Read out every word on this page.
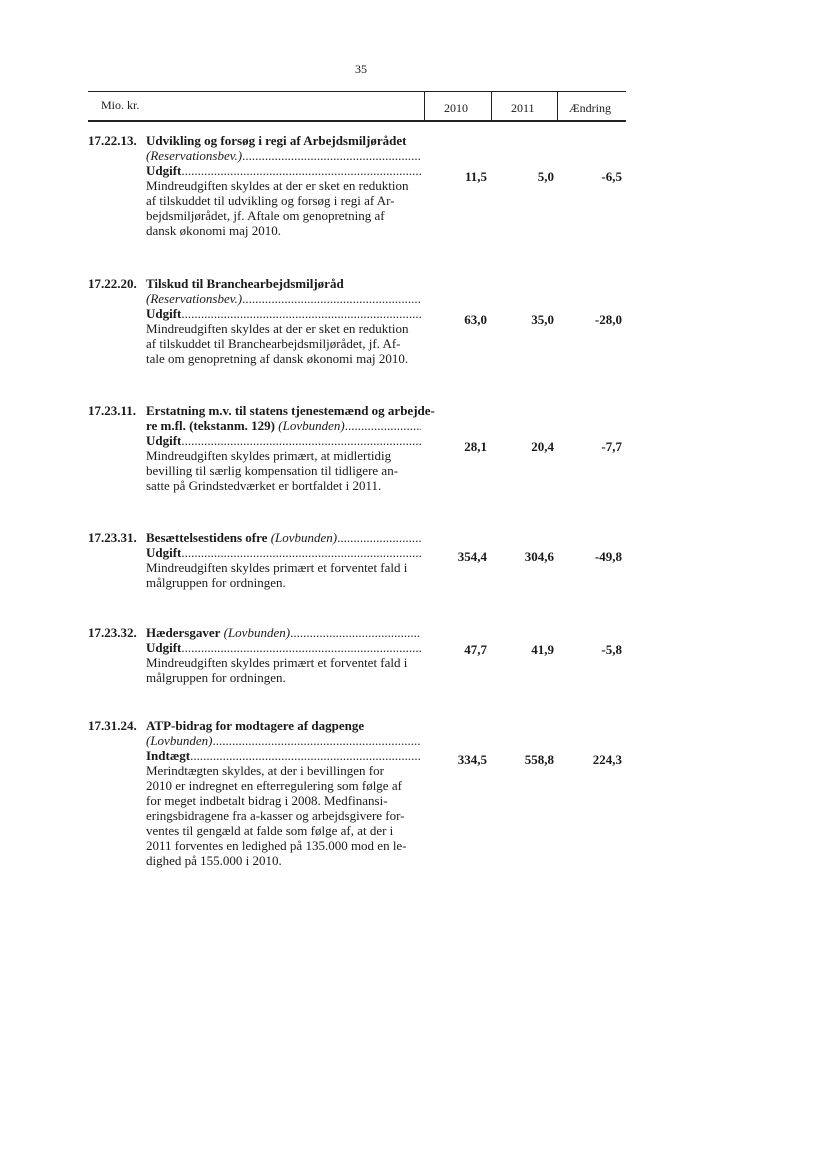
35
Mio. kr.	2010	2011	Ændring
17.22.13. Udvikling og forsøg i regi af Arbejdsmiljørådet
(Reservationsbev.)
.....
Udgift
.....
Mindreudgiften skyldes at der er sket en reduktion
af tilskuddet til udvikling og forsøg i regi af Ar-
bejdsmiljørådet, jf. Aftale om genopretning af
dansk økonomi maj 2010.
11,5	5,0	-6,5
17.22.20. Tilskud til Branchearbejdsmiljøråd
(Reservationsbev.)
.....
Udgift
.....
Mindreudgiften skyldes at der er sket en reduktion
af tilskuddet til Branchearbejdsmiljørådet, jf. Af-
tale om genopretning af dansk økonomi maj 2010.
63,0	35,0	-28,0
17.23.11. Erstatning m.v. til statens tjenestemænd og arbejde-
re m.fl. (tekstanm. 129)
(Lovbunden)
.....
Udgift
.....
Mindreudgiften skyldes primært, at midlertidig
bevilling til særlig kompensation til tidligere an-
satte på Grindstedværket er bortfaldet i 2011.
28,1	20,4	-7,7
17.23.31. Besættelsestidens ofre
(Lovbunden)
.....
Udgift
.....
Mindreudgiften skyldes primært et forventet fald i
målgruppen for ordningen.
354,4	304,6	-49,8
17.23.32. Hædersgaver
(Lovbunden)
.....
Udgift
.....
Mindreudgiften skyldes primært et forventet fald i
målgruppen for ordningen.
47,7	41,9	-5,8
17.31.24. ATP-bidrag for modtagere af dagpenge
(Lovbunden)
.....
Indtægt
.....
Merindtægten skyldes, at der i bevillingen for
2010 er indregnet en efterregulering som følge af
for meget indbetalt bidrag i 2008. Medfinansi-
eringsbidragene fra a-kasser og arbejdsgivere for-
ventes til gengæld at falde som følge af, at der i
2011 forventes en ledighed på 135.000 mod en le-
dighed på 155.000 i 2010.
334,5	558,8	224,3
